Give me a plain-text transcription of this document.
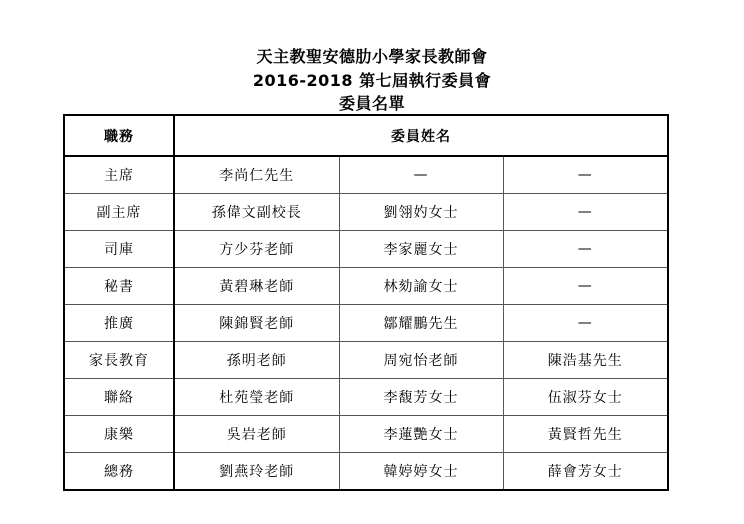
天主教聖安德肋小學家長教師會
2016-2018 第七屆執行委員會
委員名單
職務	委員姓名		
主席	李尚仁先生	—	—
副主席	孫偉文副校長	劉翎妁女士	—
司庫	方少芬老師	李家麗女士	—
秘書	黃碧琳老師	林劾諭女士	—
推廣	陳錦賢老師	鄒耀鵬先生	—
家長教育	孫明老師	周宛怡老師	陳浩基先生
聯絡	杜苑瑩老師	李馥芳女士	伍淑芬女士
康樂	吳岩老師	李蓮艷女士	黃賢哲先生
總務	劉燕玲老師	韓婷婷女士	薛會芳女士
